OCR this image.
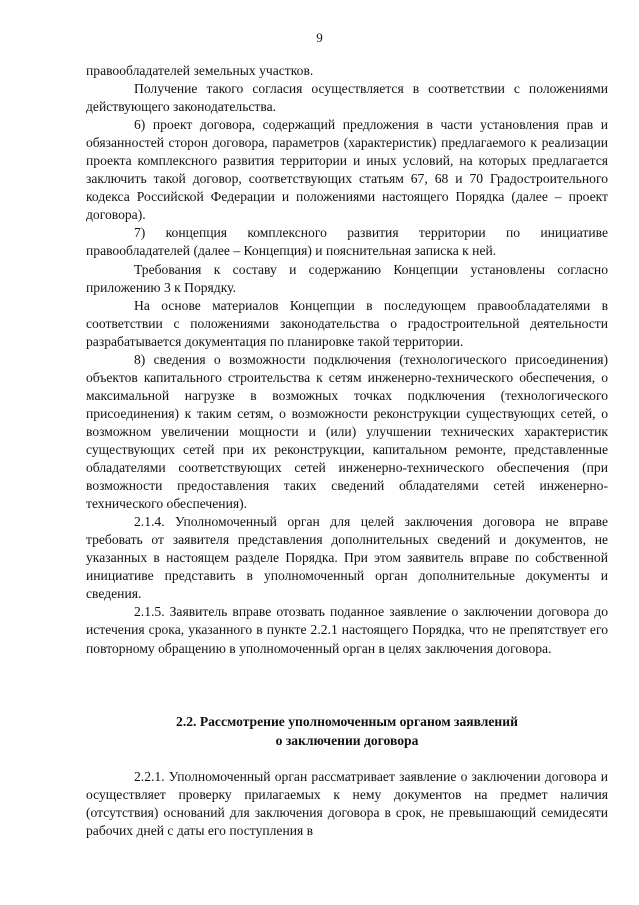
9

правообладателей земельных участков.

Получение такого согласия осуществляется в соответствии с положениями действующего законодательства.

6) проект договора, содержащий предложения в части установления прав и обязанностей сторон договора, параметров (характеристик) предлагаемого к реализации проекта комплексного развития территории и иных условий, на которых предлагается заключить такой договор, соответствующих статьям 67, 68 и 70 Градостроительного кодекса Российской Федерации и положениями настоящего Порядка (далее – проект договора).

7) концепция комплексного развития территории по инициативе правообладателей (далее – Концепция) и пояснительная записка к ней.

Требования к составу и содержанию Концепции установлены согласно приложению 3 к Порядку.

На основе материалов Концепции в последующем правообладателями в соответствии с положениями законодательства о градостроительной деятельности разрабатывается документация по планировке такой территории.

8) сведения о возможности подключения (технологического присоединения) объектов капитального строительства к сетям инженерно-технического обеспечения, о максимальной нагрузке в возможных точках подключения (технологического присоединения) к таким сетям, о возможности реконструкции существующих сетей, о возможном увеличении мощности и (или) улучшении технических характеристик существующих сетей при их реконструкции, капитальном ремонте, представленные обладателями соответствующих сетей инженерно-технического обеспечения (при возможности предоставления таких сведений обладателями сетей инженерно-технического обеспечения).

2.1.4. Уполномоченный орган для целей заключения договора не вправе требовать от заявителя представления дополнительных сведений и документов, не указанных в настоящем разделе Порядка. При этом заявитель вправе по собственной инициативе представить в уполномоченный орган дополнительные документы и сведения.

2.1.5. Заявитель вправе отозвать поданное заявление о заключении договора до истечения срока, указанного в пункте 2.2.1 настоящего Порядка, что не препятствует его повторному обращению в уполномоченный орган в целях заключения договора.

2.2. Рассмотрение уполномоченным органом заявлений
о заключении договора

2.2.1. Уполномоченный орган рассматривает заявление о заключении договора и осуществляет проверку прилагаемых к нему документов на предмет наличия (отсутствия) оснований для заключения договора в срок, не превышающий семидесяти рабочих дней с даты его поступления в
